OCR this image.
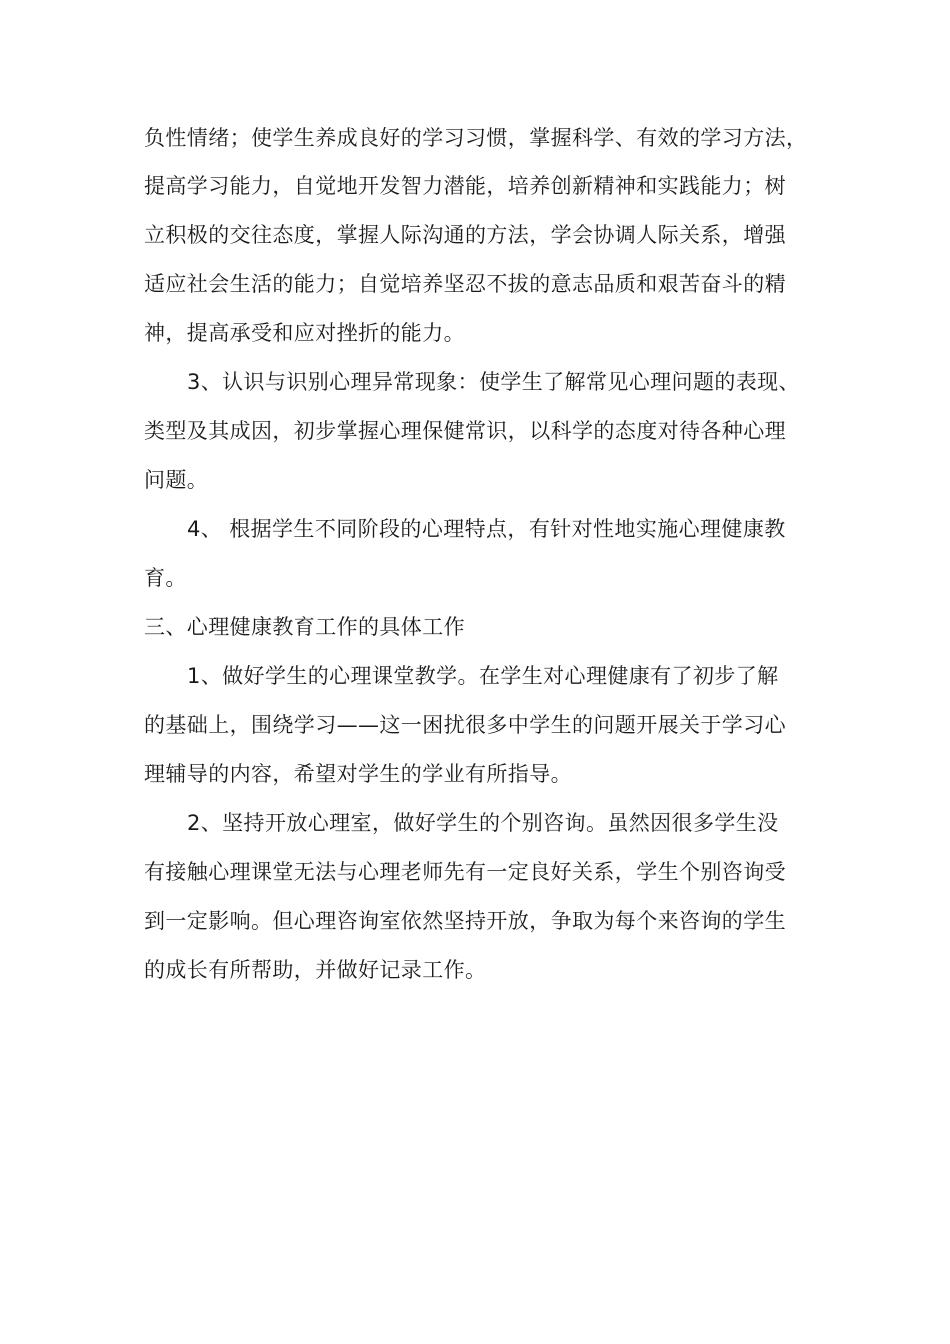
负性情绪；使学生养成良好的学习习惯，掌握科学、有效的学习方法，
提高学习能力，自觉地开发智力潜能，培养创新精神和实践能力；树
立积极的交往态度，掌握人际沟通的方法，学会协调人际关系，增强
适应社会生活的能力；自觉培养坚忍不拔的意志品质和艰苦奋斗的精
神，提高承受和应对挫折的能力。
3、认识与识别心理异常现象：使学生了解常见心理问题的表现、
类型及其成因，初步掌握心理保健常识，以科学的态度对待各种心理
问题。
4、 根据学生不同阶段的心理特点，有针对性地实施心理健康教
育。
三、心理健康教育工作的具体工作
1、做好学生的心理课堂教学。在学生对心理健康有了初步了解
的基础上，围绕学习——这一困扰很多中学生的问题开展关于学习心
理辅导的内容，希望对学生的学业有所指导。
2、坚持开放心理室，做好学生的个别咨询。虽然因很多学生没
有接触心理课堂无法与心理老师先有一定良好关系，学生个别咨询受
到一定影响。但心理咨询室依然坚持开放，争取为每个来咨询的学生
的成长有所帮助，并做好记录工作。
